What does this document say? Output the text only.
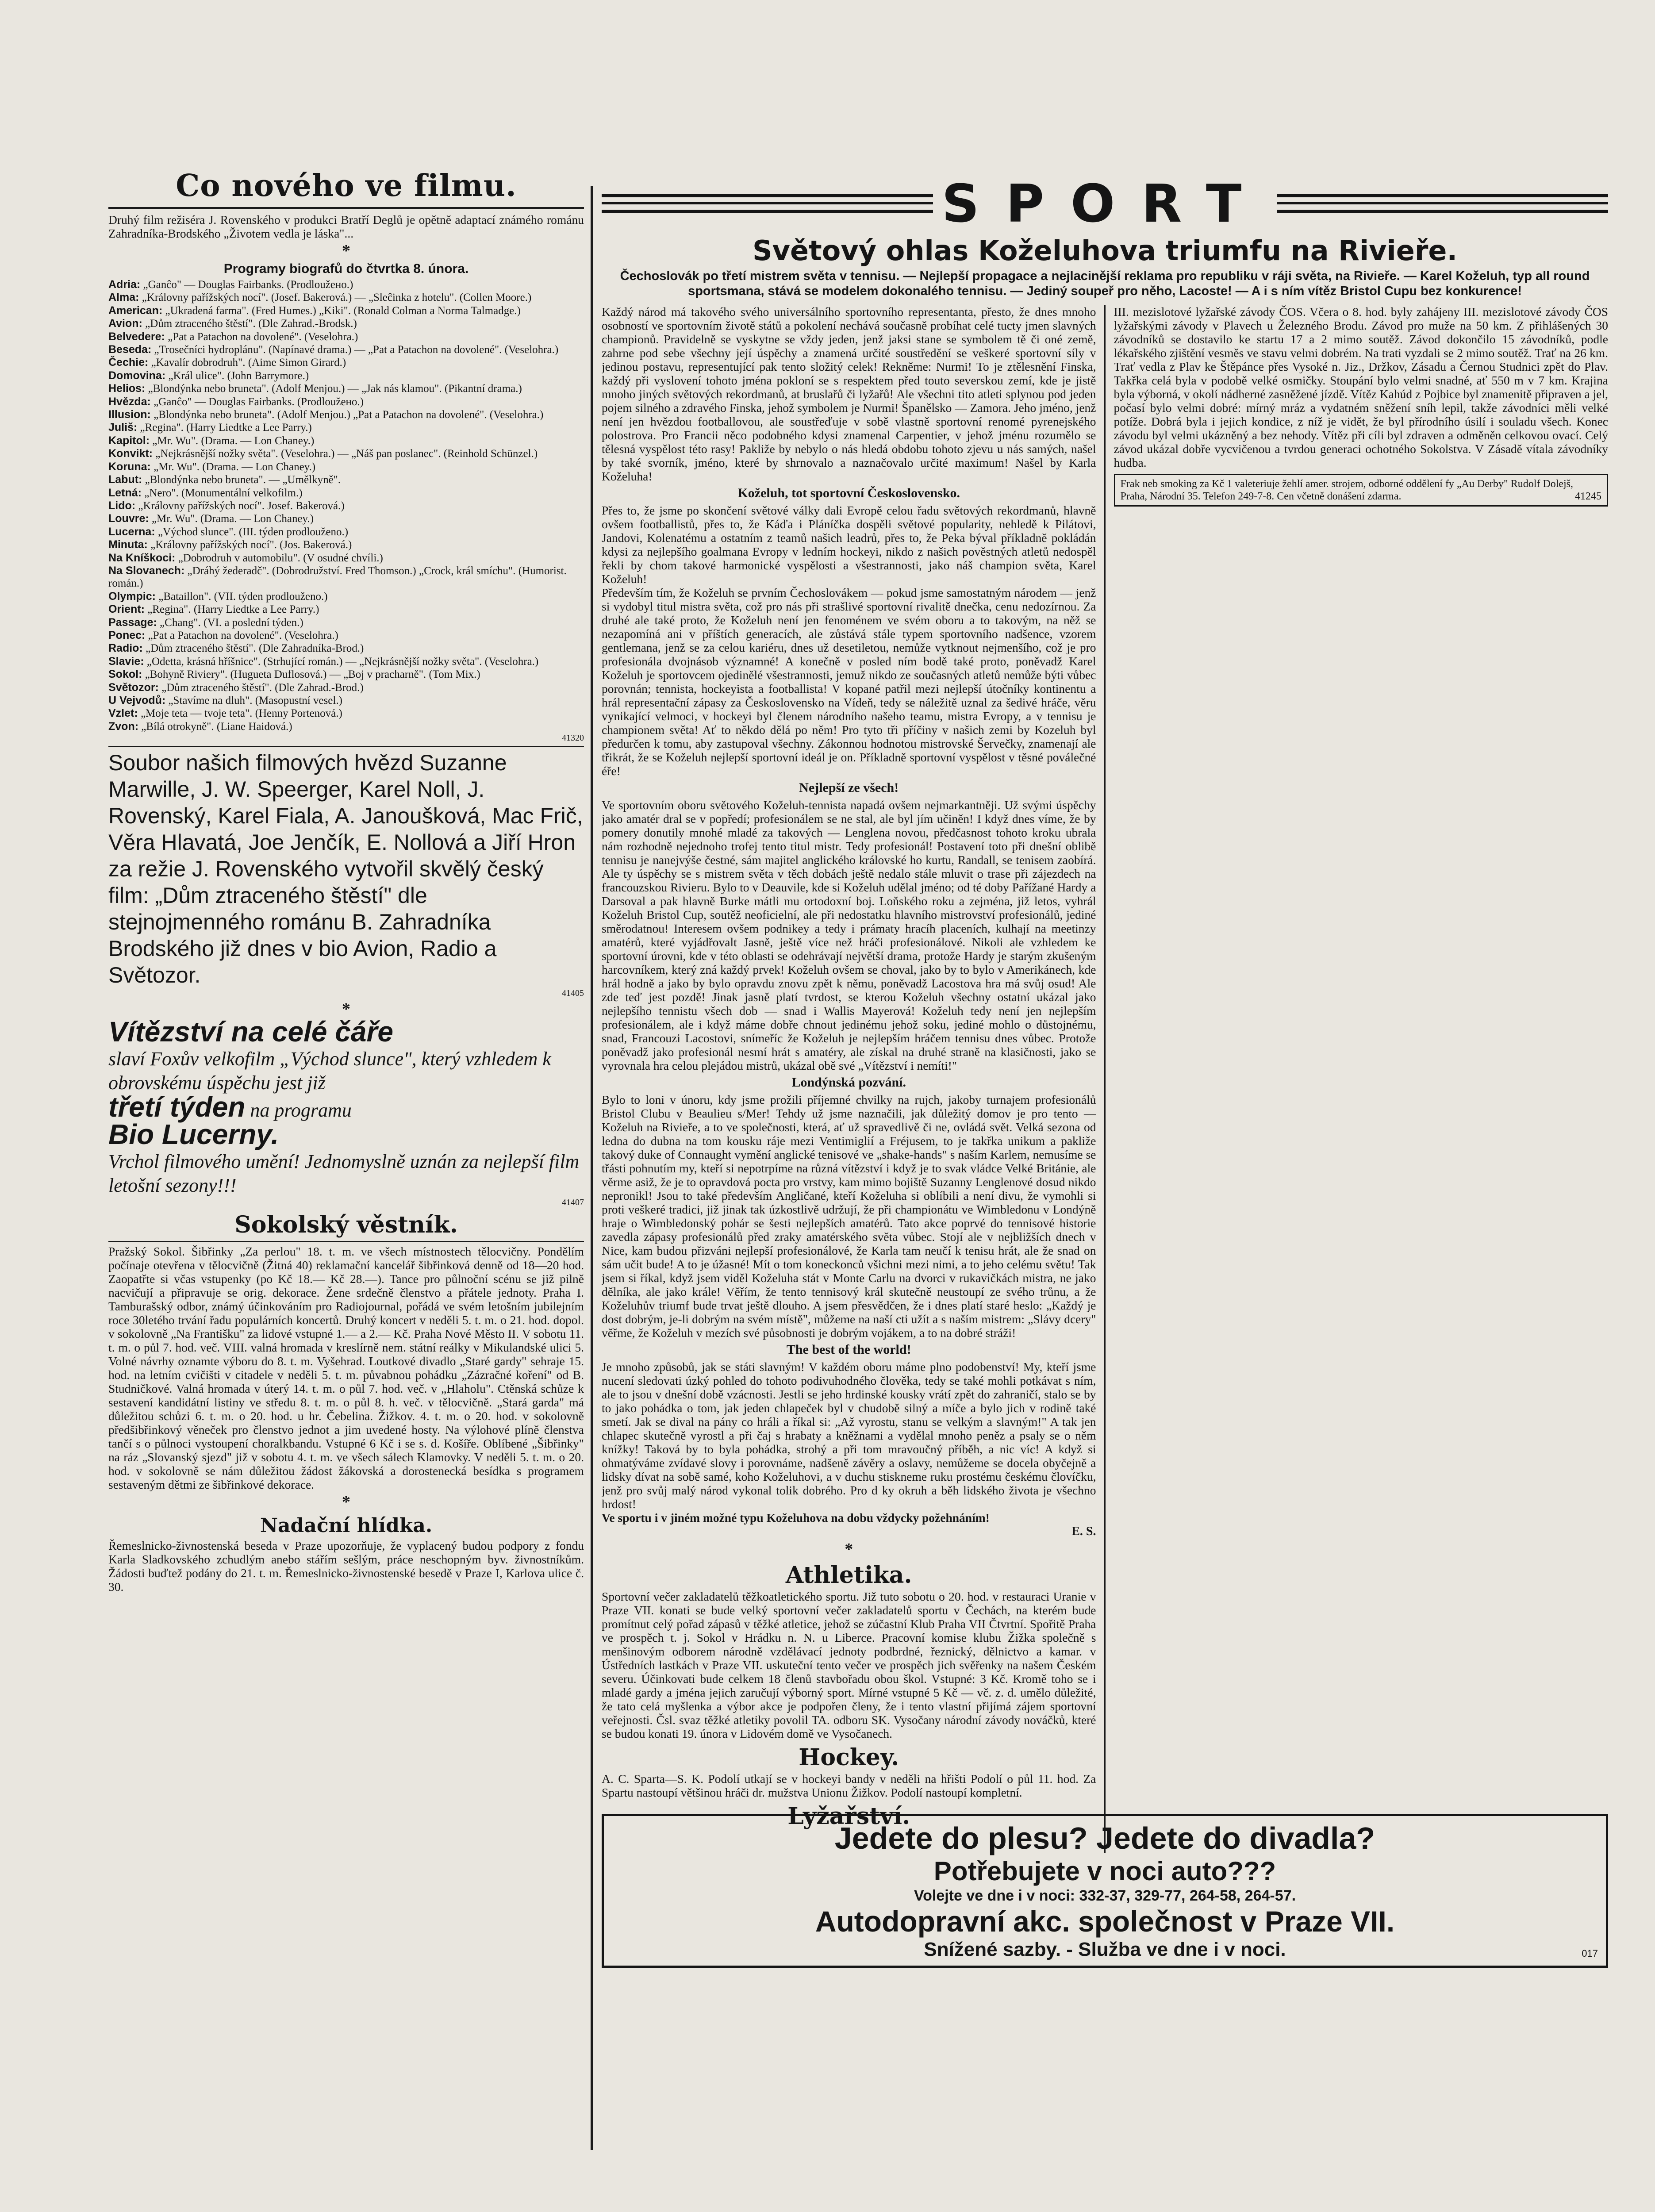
Co nového ve filmu.

Druhý film režiséra J. Rovenského v produkci Bratří Deglů je opětně adaptací známého románu Zahradníka-Brodského „Životem vedla je láska"...

*
Programy biografů do čtvrtka 8. února.

Adria: „Ganĉo" — Douglas Fairbanks. (Prodloužено.)

Alma: „Královny pařížských nocí". (Josef. Bakerová.) — „Sleĉinka z hotelu". (Collen Moore.)

American: „Ukradená farma". (Fred Humes.) „Kiki". (Ronald Colman a Norma Talmadge.)

Avion: „Dům ztraceného štěstí". (Dle Zahrad.-Brodsk.)

Belvedere: „Pat a Patachon na dovolené". (Veselohra.)

Beseda: „Trosečníci hydroplánu". (Napínavé drama.) — „Pat a Patachon na dovolené". (Veselohra.)

Čechie: „Kavalír dobrodruh". (Aime Simon Girard.)

Domovina: „Král ulice". (John Barrymore.)

Helios: „Blondýnka nebo bruneta". (Adolf Menjou.) — „Jak nás klamou". (Pikantní drama.)

Hvězda: „Ganĉo" — Douglas Fairbanks. (Prodloužено.)

Illusion: „Blondýnka nebo bruneta". (Adolf Menjou.) „Pat a Patachon na dovolené". (Veselohra.)

Juliš: „Regina". (Harry Liedtke a Lee Parry.)

Kapitol: „Mr. Wu". (Drama. — Lon Chaney.)

Konvikt: „Nejkrásnější nožky světa". (Veselohra.) — „Náš pan poslanec". (Reinhold Schünzel.)

Koruna: „Mr. Wu". (Drama. — Lon Chaney.)

Labut: „Blondýnka nebo bruneta". — „Umělkyně".

Letná: „Nero". (Monumentální velkofilm.)

Lido: „Královny pařížských nocí". Josef. Bakerová.)

Louvre: „Mr. Wu". (Drama. — Lon Chaney.)

Lucerna: „Východ slunce". (III. týden prodlouženo.)

Minuta: „Královny pařížských nocí". (Jos. Bakerová.)

Na Kníškoci: „Dobrodruh v automobilu". (V osudné chvíli.)

Na Slovanech: „Dráhý žederadč". (Dobrodružství. Fred Thomson.) „Crock, král smíchu". (Humorist. román.)

Olympic: „Bataillon". (VII. týden prodlouženo.)

Orient: „Regina". (Harry Liedtke a Lee Parry.)

Passage: „Chang". (VI. a poslední týden.)

Ponec: „Pat a Patachon na dovolené". (Veselohra.)

Radio: „Dům ztraceného štěstí". (Dle Zahradníka-Brod.)

Slavie: „Odetta, krásná hříšnice". (Strhující román.) — „Nejkrásnější nožky světa". (Veselohra.)

Sokol: „Bohyně Riviery". (Hugueta Duflosová.) — „Boj v pracharně". (Tom Mix.)

Světozor: „Dům ztraceného štěstí". (Dle Zahrad.-Brod.)

U Vejvodů: „Stavíme na dluh". (Masopustní vesel.)

Vzlet: „Moje teta — tvoje teta". (Henny Portenová.)

Zvon: „Bílá otrokyně". (Liane Haidová.)

41320

Soubor našich filmových hvězd Suzanne Marwille, J. W. Speerger, Karel Noll, J. Rovenský, Karel Fiala, A. Janoušková, Mac Frič, Věra Hlavatá, Joe Jenčík, E. Nollová a Jiří Hron za režie J. Rovenského vytvořil skvělý český film: „Dům ztraceného štěstí" dle stejnojmenného románu B. Zahradníka Brodského již dnes v bio Avion, Radio a Světozor.

41405

*

Vítězství na celé čáře

slaví Foxův velkofilm „Východ slunce", který vzhledem k obrovskému úspěchu jest již

třetí týden na programu

Bio Lucerny.

Vrchol filmového umění! Jednomyslně uznán za nejlepší film letošní sezony!!!

41407

Sokolský věstník.

Pražský Sokol. Šibřinky „Za perlou" 18. t. m. ve všech místnostech tělocvičny. Pondělím počínaje otevřena v tělocvičně (Žitná 40) reklamační kancelář šibřinková denně od 18—20 hod. Zaopatřte si včas vstupenky (po Kč 18.— Kč 28.—). Tance pro půlnoční scénu se již pilně nacvičují a připravuje se orig. dekorace. Žene srdečně členstvo a přátele jednoty. Praha I. Tamburašský odbor, známý účinkováním pro Radiojournal, pořádá ve svém letošním jubilejním roce 30letého trvání řadu populárních koncertů. Druhý koncert v neděli 5. t. m. o 21. hod. dopol. v sokolovně „Na Františku" za lidové vstupné 1.— a 2.— Kč. Praha Nové Město II. V sobotu 11. t. m. o půl 7. hod. več. VIII. valná hromada v kreslírně nem. státní reálky v Mikulandské ulici 5. Volné návrhy oznamte výboru do 8. t. m. Vyšehrad. Loutkové divadlo „Staré gardy" sehraje 15. hod. na letním cvičišti v citadele v neděli 5. t. m. půvabnou pohádku „Zázračné koření" od B. Studničkové. Valná hromada v úterý 14. t. m. o půl 7. hod. več. v „Hlaholu". Ctěnská schůze k sestavení kandidátní listiny ve středu 8. t. m. o půl 8. h. več. v tělocvičně. „Stará garda" má důležitou schůzi 6. t. m. o 20. hod. u hr. Čebelina. Žižkov. 4. t. m. o 20. hod. v sokolovně předšibřinkový věneček pro členstvo jednot a jim uvedené hosty. Na výlohové plíně členstva tančí s o půlnoci vystoupení choralkbandu. Vstupné 6 Kč i se s. d. Košíře. Oblíbené „Šibřinky" na ráz „Slovanský sjezd" již v sobotu 4. t. m. ve všech sálech Klamovky. V neděli 5. t. m. o 20. hod. v sokolovně se nám důležitou žádost žákovská a dorostenecká besídka s programem sestaveným dětmi ze šibřinkové dekorace.

*
Nadační hlídka.

Řemeslnicko-živnostenská beseda v Praze upozorňuje, že vyplacený budou podpory z fondu Karla Sladkovského zchudlým anebo stářím sešlým, práce neschopným byv. živnostníkům. Žádosti buďtež podány do 21. t. m. Řemeslnicko-živnostenské besedě v Praze I, Karlova ulice č. 30.

SPORT
Světový ohlas Koželuhova triumfu na Rivieře.
Čechoslovák po třetí mistrem světa v tennisu. — Nejlepší propagace a nejlacinější reklama pro republiku v ráji světa, na Rivieře. — Karel Koželuh, typ all round sportsmana, stává se modelem dokonalého tennisu. — Jediný soupeř pro něho, Lacoste! — A i s ním vítěz Bristol Cupu bez konkurence!

Každý národ má takového svého universálního sportovního representanta, přesto, že dnes mnoho osobností ve sportovním životě států a pokolení nechává současně probíhat celé tucty jmen slavných championů. Pravidelně se vyskytne se vždy jeden, jenž jaksi stane se symbolem tě či oné země, zahrne pod sebe všechny její úspěchy a znamená určité soustředění se veškeré sportovní síly v jedinou postavu, representující pak tento složitý celek! Rekněme: Nurmi! To je ztělesnění Finska, každý při vyslovení tohoto jména pokloní se s respektem před touto severskou zemí, kde je jistě mnoho jiných světových rekordmanů, at bruslařů či lyžařů! Ale všechni tito atleti splynou pod jeden pojem silného a zdravého Finska, jehož symbolem je Nurmi! Španělsko — Zamora. Jeho jméno, jenž není jen hvězdou footballovou, ale soustřeďuje v sobě vlastně sportovní renomé pyrenejského polostrova. Pro Francii něco podobného kdysi znamenal Carpentier, v jehož jménu rozumělo se tělesná vyspělost této rasy! Pakliže by nebylo o nás hledá obdobu tohoto zjevu u nás samých, našel by také svorník, jméno, které by shrnovalo a naznačovalo určité maximum! Našel by Karla Koželuha!

Koželuh, tot sportovní Československo.

Přes to, že jsme po skončení světové války dali Evropě celou řadu světových rekordmanů, hlavně ovšem footballistů, přes to, že Káďa i Pláníčka dospěli světové popularity, nehledě k Pilátovi, Jandovi, Kolenatému a ostatním z teamů našich leadrů, přes to, že Peka býval příkladně pokládán kdysi za nejlepšího goalmana Evropy v ledním hockeyi, nikdo z našich pověstných atletů nedospěl řekli by chom takové harmonické vyspělosti a všestrannosti, jako náš champion světa, Karel Koželuh!

Především tím, že Koželuh se prvním Čechoslovákem — pokud jsme samostatným národem — jenž si vydobyl titul mistra světa, což pro nás při strašlivé sportovní rivalitě dnečka, cenu nedozírnou. Za druhé ale také proto, že Koželuh není jen fenoménem ve svém oboru a to takovým, na něž se nezapomíná ani v příštích generacích, ale zůstává stále typem sportovního nadšence, vzorem gentlemana, jenž se za celou kariéru, dnes už desetiletou, nemůže vytknout nejmenšího, což je pro profesionála dvojnásob významné! A konečně v posled ním bodě také proto, poněvadž Karel Koželuh je sportovcem ojedinělé všestrannosti, jemuž nikdo ze současných atletů nemůže býti vůbec porovnán; tennista, hockeyista a footballista! V kopané patřil mezi nejlepší útočníky kontinentu a hrál representační zápasy za Československo na Vídeň, tedy se náležitě uznal za šedivé hráče, věru vynikající velmoci, v hockeyi byl členem národního našeho teamu, mistra Evropy, a v tennisu je championem světa! Ať to někdo dělá po něm! Pro tyto tři příčiny v našich zemi by Kozeluh byl předurčen k tomu, aby zastupoval všechny. Zákonnou hodnotou mistrovské Šervečky, znamenají ale třikrát, že se Koželuh nejlepší sportovní ideál je on. Příkladně sportovní vyspělost v těsné poválečné éře!

Nejlepší ze všech!

Ve sportovním oboru světového Koželuh-tennista napadá ovšem nejmarkantněji. Už svými úspěchy jako amatér dral se v popředí; profesionálem se ne stal, ale byl jím učiněn! I když dnes víme, že by pomery donutily mnohé mladé za takových — Lenglena novou, předčasnost tohoto kroku ubrala nám rozhodně nejednoho trofej tento titul mistr. Tedy profesionál! Postavení toto při dnešní oblibě tennisu je nanejvýše čestné, sám majitel anglického královské ho kurtu, Randall, se tenisem zaobírá. Ale ty úspěchy se s mistrem světa v těch dobách ještě nedalo stále mluvit o trase při zájezdech na francouzskou Rivieru. Bylo to v Deauvile, kde si Koželuh udělal jméno; od té doby Pařížané Hardy a Darsoval a pak hlavně Burke mátli mu ortodoxní boj. Loňského roku a zejména, již letos, vyhrál Koželuh Bristol Cup, soutěž neoficielní, ale při nedostatku hlavního mistrovství profesionálů, jediné směrodatnou! Interesem ovšem podnikey a tedy i prámaty hracíh placeních, kulhají na meetinzy amatérů, které vyjádřovalt Jasně, ještě více než hráči profesionálové. Nikoli ale vzhledem ke sportovní úrovni, kde v této oblasti se odehrávají největší drama, protože Hardy je starým zkušeným harcovníkem, který zná každý prvek! Koželuh ovšem se choval, jako by to bylo v Amerikánech, kde hrál hodně a jako by bylo opravdu znovu zpět k němu, poněvadž Lacostova hra má svůj osud! Ale zde teď jest pozdě! Jinak jasně platí tvrdost, se kterou Koželuh všechny ostatní ukázal jako nejlepšího tennistu všech dob — snad i Wallis Mayerová! Koželuh tedy není jen nejlepším profesionálem, ale i když máme dobře chnout jedinému jehož soku, jediné mohlo o důstojnému, snad, Francouzi Lacostovi, snímeříc že Koželuh je nejlepším hráčem tennisu dnes vůbec. Protože poněvadž jako profesionál nesmí hrát s amatéry, ale získal na druhé straně na klasičnosti, jako se vyrovnala hra celou plejádou mistrů, ukázal obě své „Vítězství i nemíti!"

Londýnská pozvání.

Bylo to loni v únoru, kdy jsme prožili příjemné chvilky na rujch, jakoby turnajem profesionálů Bristol Clubu v Beaulieu s/Mer! Tehdy už jsme naznačili, jak důležitý domov je pro tento — Koželuh na Rivieře, a to ve společnosti, která, ať už spravedlivě či ne, ovládá svět. Velká sezona od ledna do dubna na tom kousku ráje mezi Ventimiglií a Fréjusem, to je takřka unikum a pakliže takový duke of Connaught vymění anglické tenisové ve „shake-hands" s naším Karlem, nemusíme se třásti pohnutím my, kteří si nepotrpíme na různá vítězství i když je to svak vládce Velké Británie, ale věrme asiž, že je to opravdová pocta pro vrstvy, kam mimo bojiště Suzanny Lenglenové dosud nikdo nepronikl! Jsou to také především Angličané, kteří Koželuha si oblíbili a není divu, že vymohli si proti veškeré tradici, již jinak tak úzkostlivě udržují, že při championátu ve Wimbledonu v Londýně hraje o Wimbledonský pohár se šesti nejlepších amatérů. Tato akce poprvé do tennisové historie zavedla zápasy profesionálů před zraky amatérského světa vůbec. Stojí ale v nejbližších dnech v Nice, kam budou přizváni nejlepší profesionálové, že Karla tam neučí k tenisu hrát, ale že snad on sám učit bude! A to je úžasné! Mít o tom koneckonců všichni mezi nimi, a to jeho celému světu! Tak jsem si říkal, když jsem viděl Koželuha stát v Monte Carlu na dvorci v rukavičkách mistra, ne jako dělníka, ale jako krále! Věřím, že tento tennisový král skutečně neustoupí ze svého trůnu, a že Koželuhův triumf bude trvat ještě dlouho. A jsem přesvědčen, že i dnes platí staré heslo: „Každý je dost dobrým, je-li dobrým na svém místě", můžeme na naší cti užít a s naším mistrem: „Slávy dcery" věřme, že Koželuh v mezích své působnosti je dobrým vojákem, a to na dobré stráži!

The best of the world!

Je mnoho způsobů, jak se státi slavným! V každém oboru máme plno podobenství! My, kteří jsme nucení sledovati úzký pohled do tohoto podivuhodného člověka, tedy se také mohli potkávat s ním, ale to jsou v dnešní době vzácnosti. Jestli se jeho hrdinské kousky vrátí zpět do zahraničí, stalo se by to jako pohádka o tom, jak jeden chlapeček byl v chudobě silný a míče a bylo jich v rodině také smetí. Jak se dival na pány co hráli a říkal si: „Až vyrostu, stanu se velkým a slavným!" A tak jen chlapec skutečně vyrostl a při čaj s hrabaty a kněžnami a vydělal mnoho peněz a psaly se o něm knížky! Taková by to byla pohádka, strohý a při tom mravoučný příběh, a nic víc! A když si ohmatýváme zvídavé slovy i porovnáme, nadšeně závěry a oslavy, nemůžeme se docela obyčejně a lidsky dívat na sobě samé, koho Koželuhovi, a v duchu stiskneme ruku prostému českému človíčku, jenž pro svůj malý národ vykonal tolik dobrého. Pro d ky okruh a běh lidského života je všechno hrdost!

Ve sportu i v jiném možné typu Koželuhova na dobu vždycky požehnáním!

E. S.
*
Athletika.

Sportovní večer zakladatelů těžkoatletického sportu. Již tuto sobotu o 20. hod. v restauraci Uranie v Praze VII. konati se bude velký sportovní večer zakladatelů sportu v Čechách, na kterém bude promítnut celý pořad zápasů v těžké atletice, jehož se zúčastní Klub Praha VII Čtvrtní. Spořitě Praha ve prospěch t. j. Sokol v Hrádku n. N. u Liberce. Pracovní komise klubu Žižka společně s menšinovým odborem národně vzdělávací jednoty podbrdné, řeznický, dělnictvo a kamar. v Ústředních lastkách v Praze VII. uskuteční tento večer ve prospěch jich svěřenky na našem Českém severu. Účinkovati bude celkem 18 členů stavbořadu obou škol. Vstupné: 3 Kč. Kromě toho se i mladé gardy a jména jejich zaručují výborný sport. Mírné vstupné 5 Kč — vč. z. d. umělo důležité, že tato celá myšlenka a výbor akce je podpořen členy, že i tento vlastní přijímá zájem sportovní veřejnosti. Čsl. svaz těžké atletiky povolil TA. odboru SK. Vysočany národní závody nováčků, které se budou konati 19. února v Lidovém domě ve Vysočanech.

Hockey.

A. C. Sparta—S. K. Podolí utkají se v hockeyi bandy v neděli na hřišti Podolí o půl 11. hod. Za Spartu nastoupí většinou hráči dr. mužstva Unionu Žižkov. Podolí nastoupí kompletní.

Lyžařství.

III. mezislotové lyžařské závody ČOS. Včera o 8. hod. byly zahájeny III. mezislotové závody ČOS lyžařskými závody v Plavech u Železného Brodu. Závod pro muže na 50 km. Z přihlášených 30 závodníků se dostavilo ke startu 17 a 2 mimo soutěž. Závod dokončilo 15 závodníků, podle lékařského zjištění vesměs ve stavu velmi dobrém. Na trati vyzdali se 2 mimo soutěž. Trať na 26 km. Trať vedla z Plav ke Štěpánce přes Vysoké n. Jiz., Držkov, Zásadu a Černou Studnici zpět do Plav. Takřka celá byla v podobě velké osmičky. Stoupání bylo velmi snadné, ať 550 m v 7 km. Krajina byla výborná, v okolí nádherné zasněžené jízdě. Vítěz Kahúd z Pojbice byl znamenitě připraven a jel, počasí bylo velmi dobré: mírný mráz a vydatném sněžení sníh lepil, takže závodníci měli velké potíže. Dobrá byla i jejich kondice, z níž je vidět, že byl přírodního úsilí i souladu všech. Konec závodu byl velmi ukázněný a bez nehody. Vítěz při cíli byl zdraven a odměněn celkovou ovací. Celý závod ukázal dobře vycvičenou a tvrdou generaci ochotného Sokolstva. V Zásadě vítala závodníky hudba.

Frak neb smoking za Kč 1 valeteriuje žehlí amer. strojem, odborné oddělení fy „Au Derby" Rudolf Dolejš, Praha, Národní 35. Telefon 249-7-8. Cen včetně donášení zdarma.	41245
Jedete do plesu? Jedete do divadla?
Potřebujete v noci auto???
Volejte ve dne i v noci: 332-37, 329-77, 264-58, 264-57.
Autodopravní akc. společnost v Praze VII.
Snížené sazby. - Služba ve dne i v noci.	017
